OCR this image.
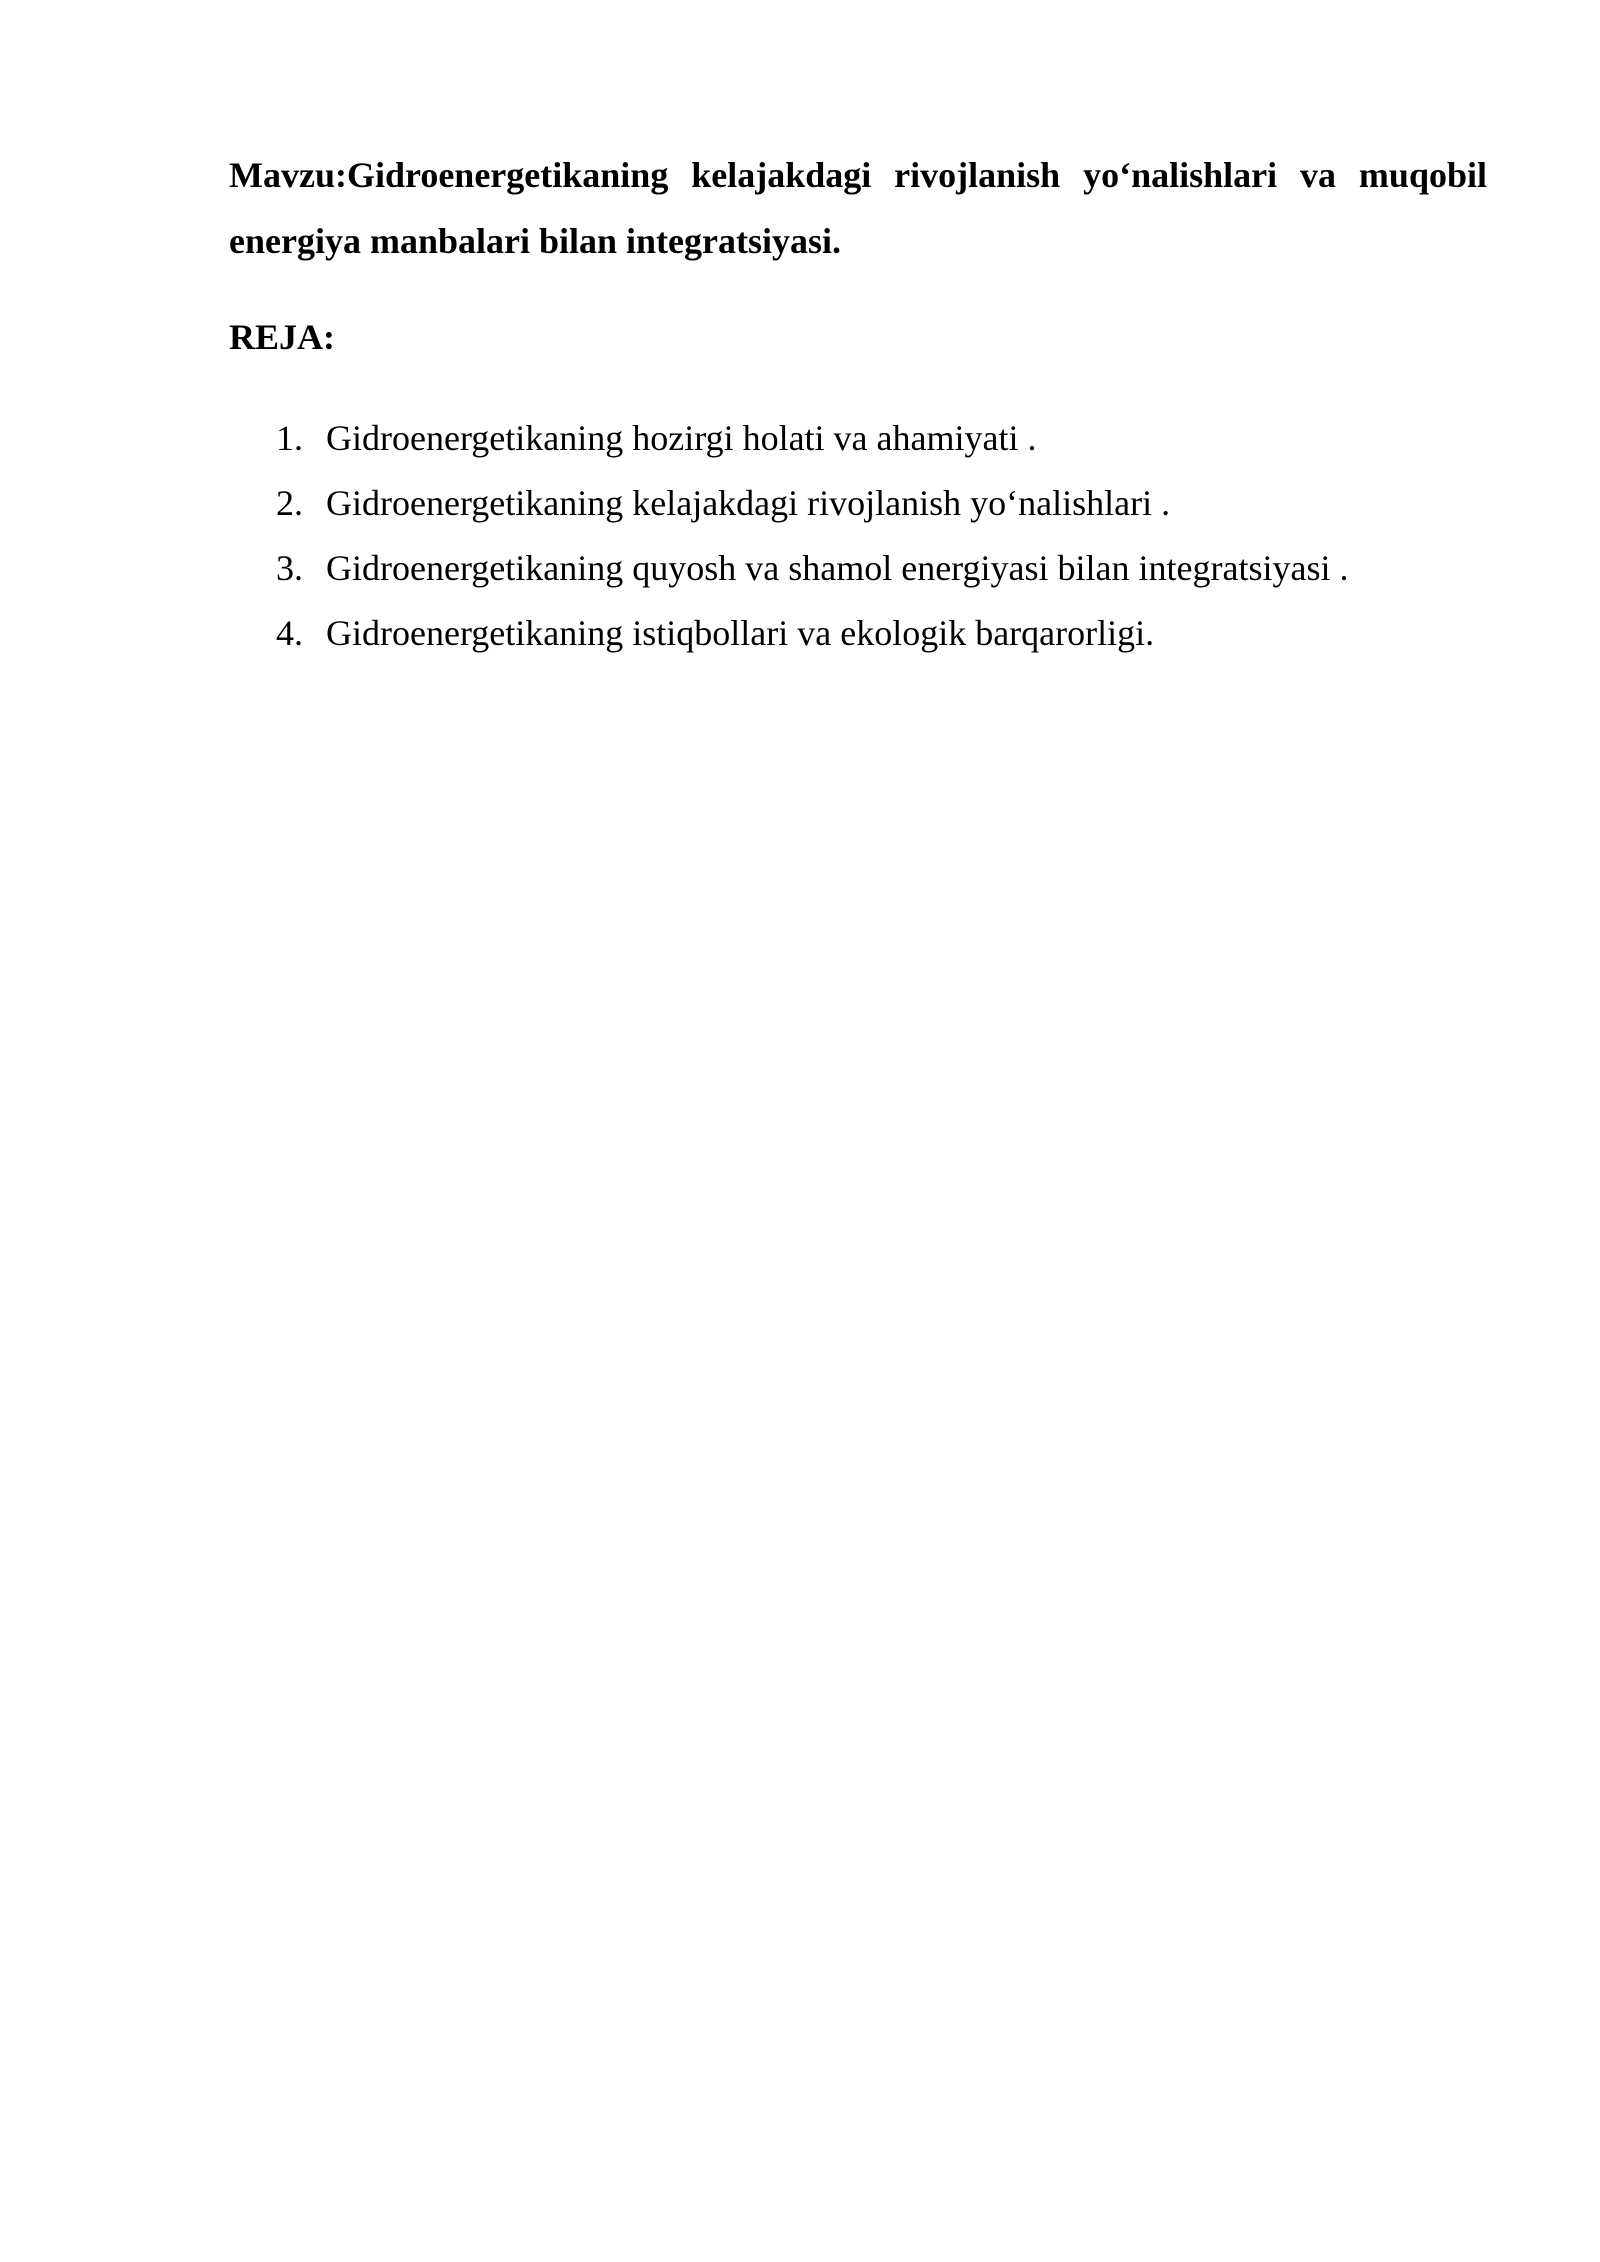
Mavzu:Gidroenergetikaning kelajakdagi rivojlanish yo‘nalishlari va muqobil energiya manbalari bilan integratsiyasi.

REJA:

1. Gidroenergetikaning hozirgi holati va ahamiyati .
2. Gidroenergetikaning kelajakdagi rivojlanish yo‘nalishlari .
3. Gidroenergetikaning quyosh va shamol energiyasi bilan integratsiyasi .
4. Gidroenergetikaning istiqbollari va ekologik barqarorligi.
